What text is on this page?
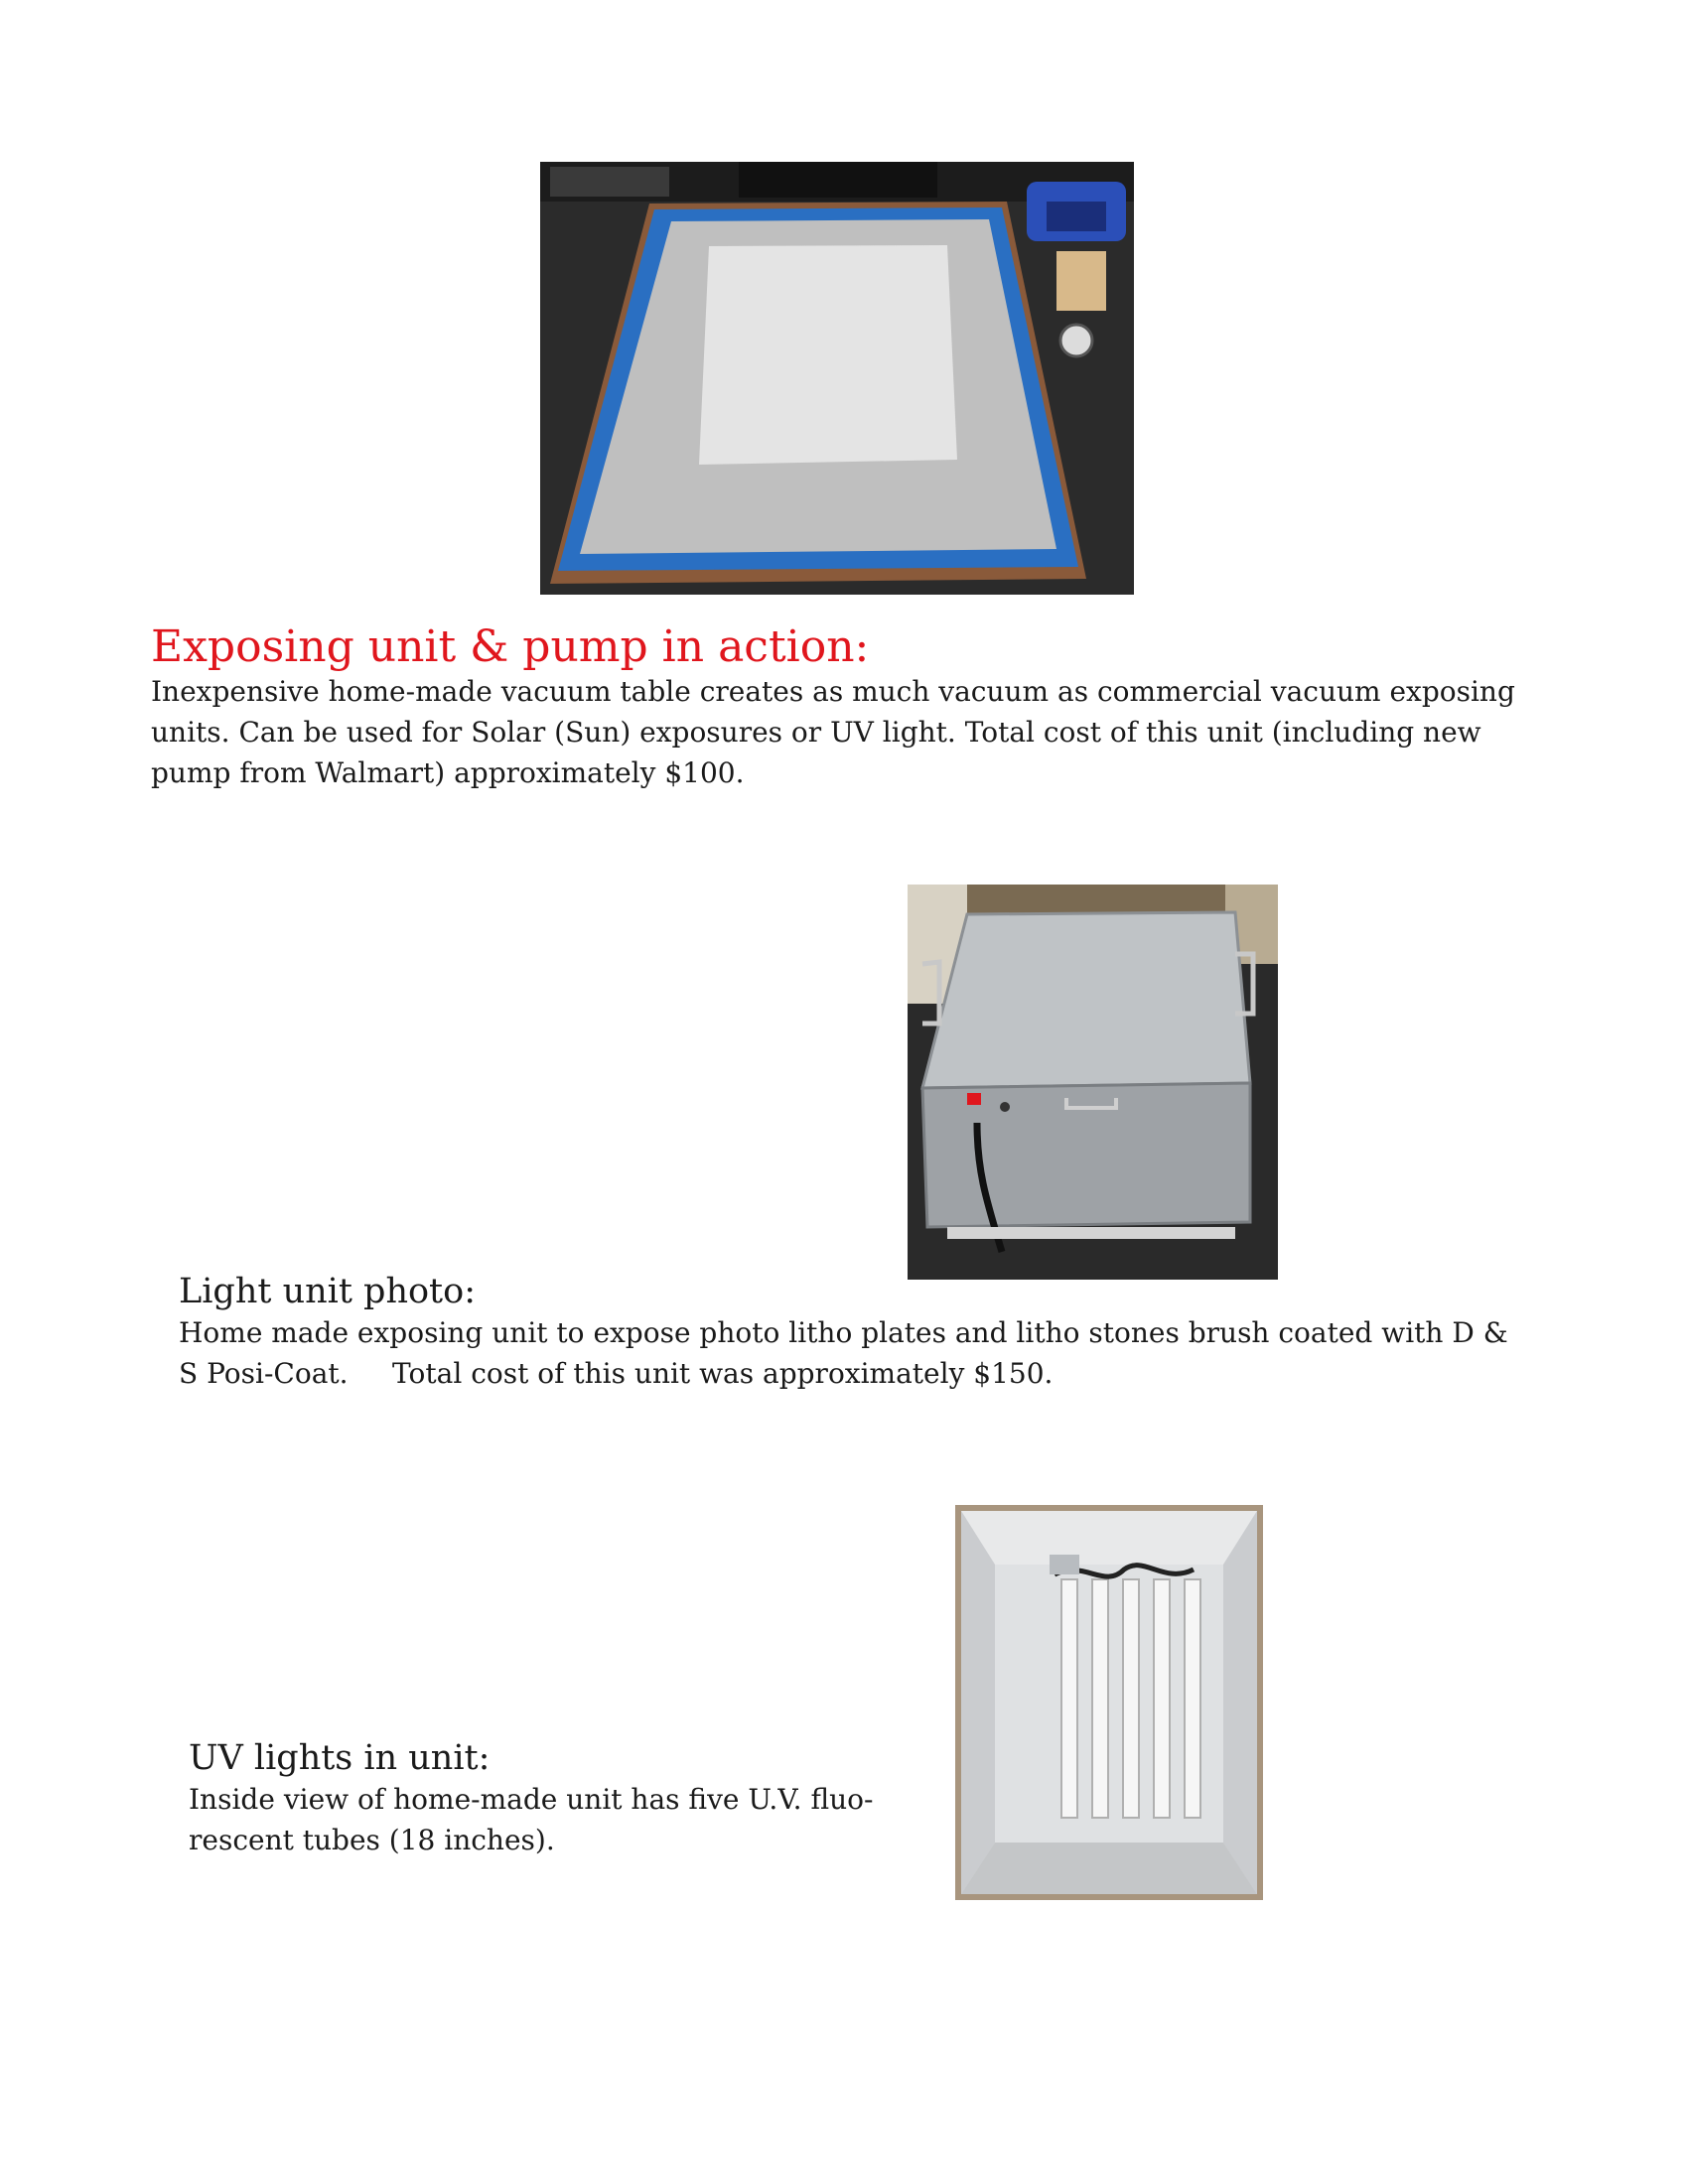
Exposing unit & pump in action:

Inexpensive home-made vacuum table creates as much vacuum as commercial vacuum exposing

units. Can be used for Solar (Sun) exposures or UV light. Total cost of this unit (including new

pump from Walmart) approximately $100.

Light unit photo:

Home made exposing unit to expose photo litho plates and litho stones brush coated with D &

S Posi-Coat.     Total cost of this unit was approximately $150.

UV lights in unit:

Inside view of home-made unit has five U.V. fluo-

rescent tubes (18 inches).
